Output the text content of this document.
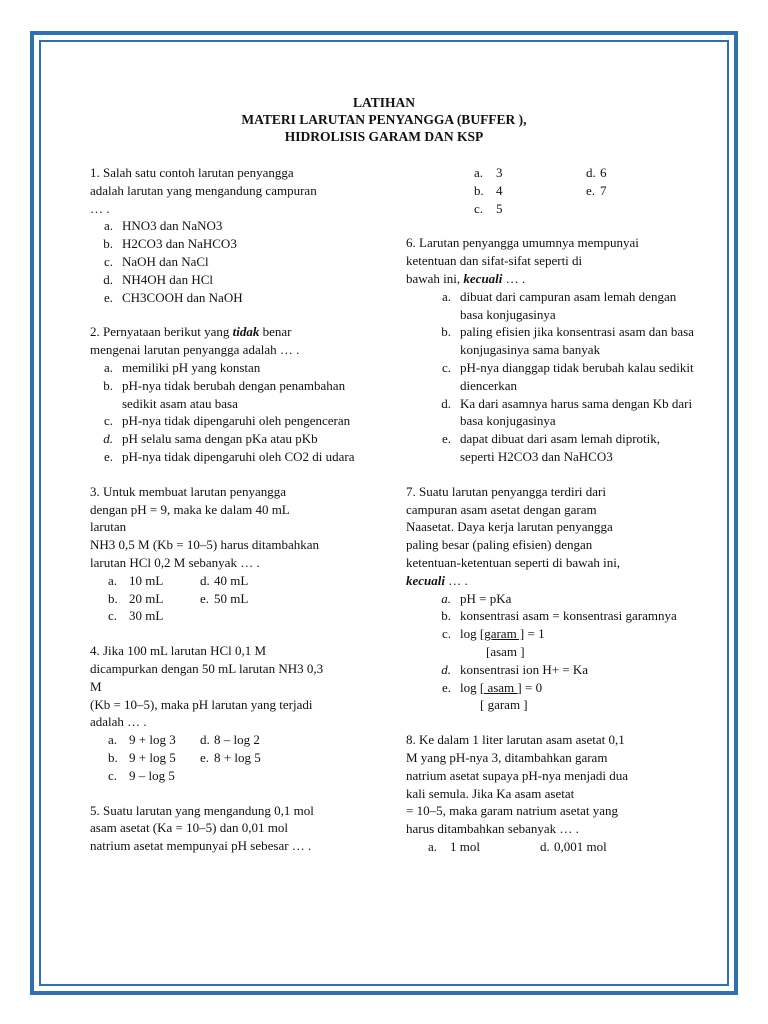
LATIHAN
MATERI LARUTAN PENYANGGA (BUFFER ),
HIDROLISIS GARAM DAN KSP
1. Salah satu contoh larutan penyangga
adalah larutan yang mengandung campuran
… .
a. HNO3 dan NaNO3
b. H2CO3 dan NaHCO3
c. NaOH dan NaCl
d. NH4OH dan HCl
e. CH3COOH dan NaOH
2. Pernyataan berikut yang tidak benar
mengenai larutan penyangga adalah … .
a. memiliki pH yang konstan
b. pH-nya tidak berubah dengan penambahan sedikit asam atau basa
c. pH-nya tidak dipengaruhi oleh pengenceran
d. pH selalu sama dengan pKa atau pKb
e. pH-nya tidak dipengaruhi oleh CO2 di udara
3. Untuk membuat larutan penyangga
dengan pH = 9, maka ke dalam 40 mL
larutan
NH3 0,5 M (Kb = 10–5) harus ditambahkan
larutan HCl 0,2 M sebanyak … .
a. 10 mL	d. 40 mL
b. 20 mL	e. 50 mL
c. 30 mL
4. Jika 100 mL larutan HCl 0,1 M
dicampurkan dengan 50 mL larutan NH3 0,3
M
(Kb = 10–5), maka pH larutan yang terjadi
adalah … .
a. 9 + log 3 d. 8 – log 2
b. 9 + log 5 e. 8 + log 5
c. 9 – log 5
5. Suatu larutan yang mengandung 0,1 mol
asam asetat (Ka = 10–5) dan 0,01 mol
natrium asetat mempunyai pH sebesar … .
a. 3	d. 6
b. 4	e. 7
c. 5
6. Larutan penyangga umumnya mempunyai
ketentuan dan sifat-sifat seperti di
bawah ini, kecuali … .
a. dibuat dari campuran asam lemah dengan basa konjugasinya
b. paling efisien jika konsentrasi asam dan basa konjugasinya sama banyak
c. pH-nya dianggap tidak berubah kalau sedikit diencerkan
d. Ka dari asamnya harus sama dengan Kb dari basa konjugasinya
e. dapat dibuat dari asam lemah diprotik, seperti H2CO3 dan NaHCO3
7. Suatu larutan penyangga terdiri dari
campuran asam asetat dengan garam
Naasetat. Daya kerja larutan penyangga
paling besar (paling efisien) dengan
ketentuan-ketentuan seperti di bawah ini,
kecuali … .
a. pH = pKa
b. konsentrasi asam = konsentrasi garamnya
c. log [garam ] = 1
[asam ]
d. konsentrasi ion H+ = Ka
e. log [ asam ] = 0
[ garam ]
8. Ke dalam 1 liter larutan asam asetat 0,1
M yang pH-nya 3, ditambahkan garam
natrium asetat supaya pH-nya menjadi dua
kali semula. Jika Ka asam asetat
= 10–5, maka garam natrium asetat yang
harus ditambahkan sebanyak … .
a. 1 mol	d. 0,001 mol
